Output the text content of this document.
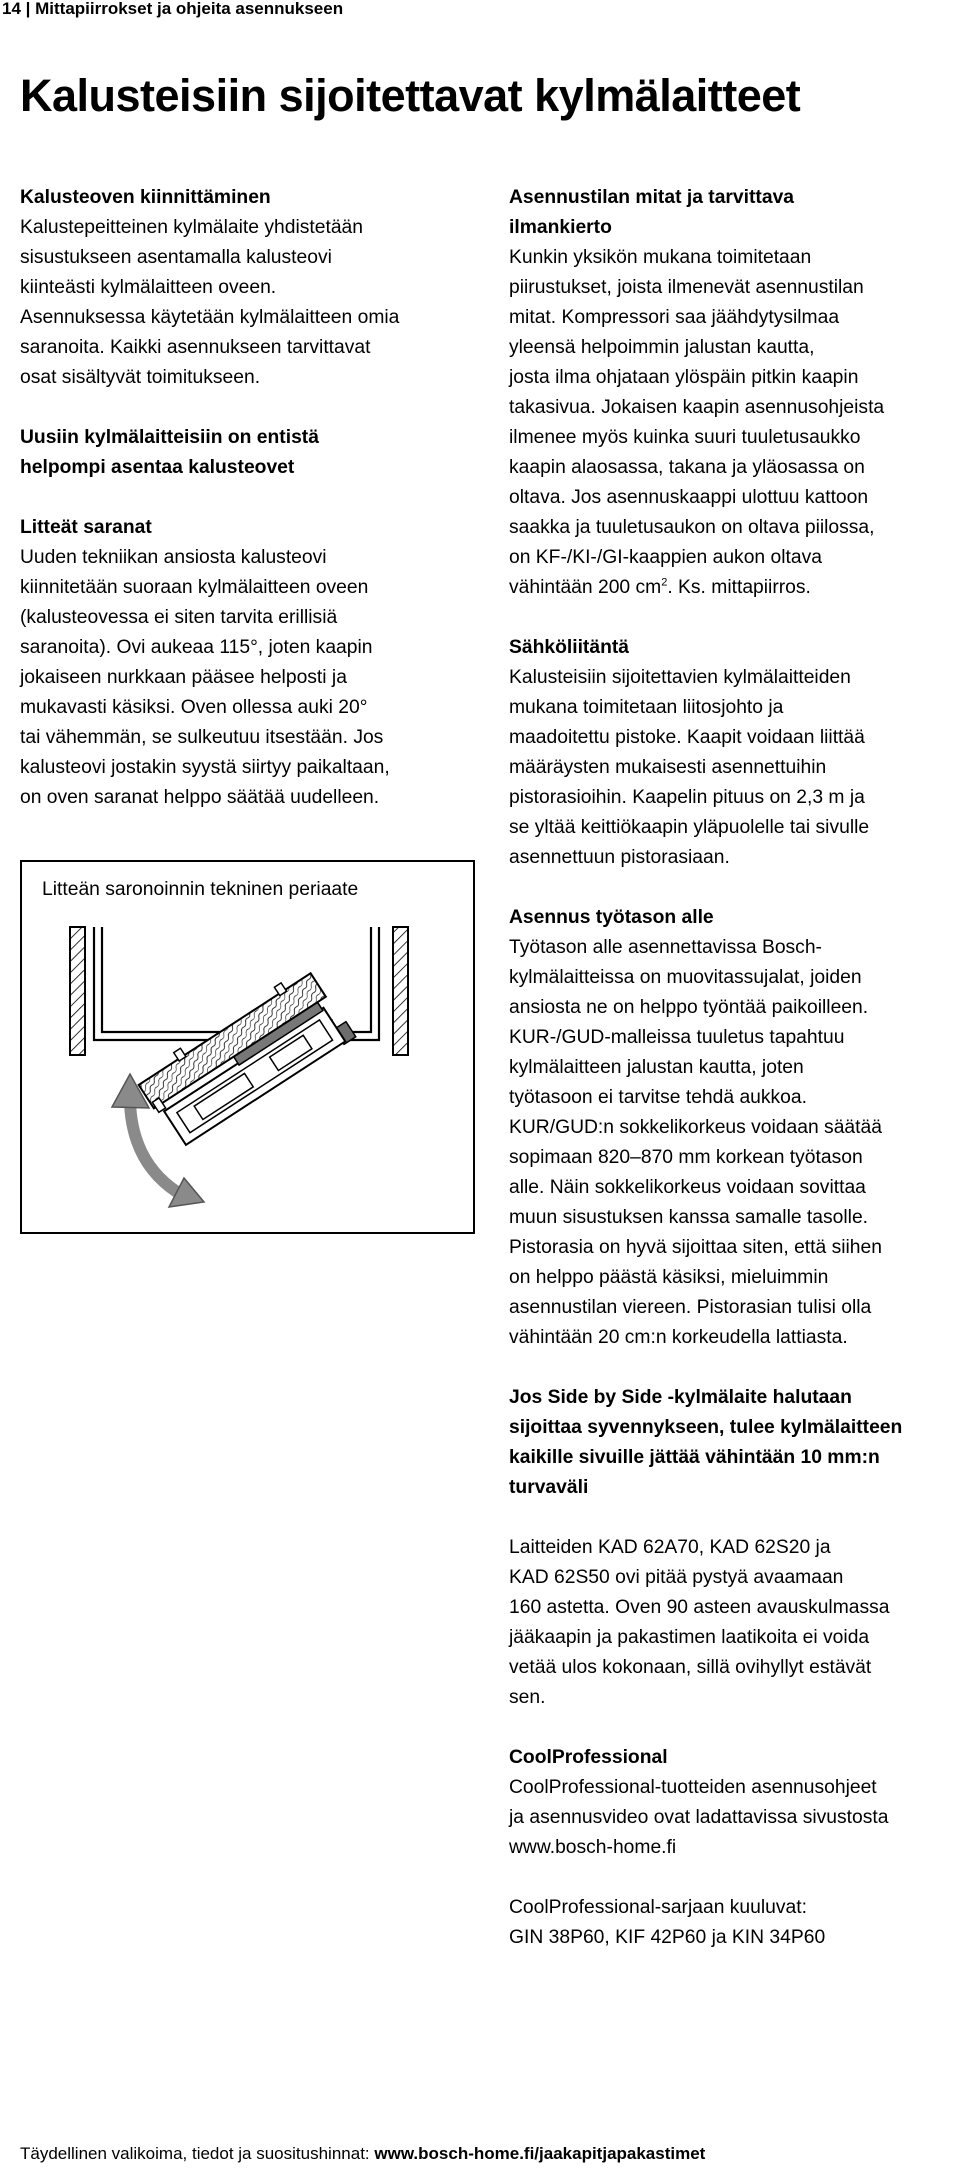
14 | Mittapiirrokset ja ohjeita asennukseen
Kalusteisiin sijoitettavat kylmälaitteet
Kalusteoven kiinnittäminen

Kalustepeitteinen kylmälaite yhdistetään

sisustukseen asentamalla kalusteovi

kiinteästi kylmälaitteen oveen.

Asennuksessa käytetään kylmälaitteen omia

saranoita. Kaikki asennukseen tarvittavat

osat sisältyvät toimitukseen.

Uusiin kylmälaitteisiin on entistä
helpompi asentaa kalusteovet
Litteät saranat

Uuden tekniikan ansiosta kalusteovi

kiinnitetään suoraan kylmälaitteen oveen

(kalusteovessa ei siten tarvita erillisiä

saranoita). Ovi aukeaa 115°, joten kaapin

jokaiseen nurkkaan pääsee helposti ja

mukavasti käsiksi. Oven ollessa auki 20°

tai vähemmän, se sulkeutuu itsestään. Jos

kalusteovi jostakin syystä siirtyy paikaltaan,

on oven saranat helppo säätää uudelleen.

Litteän saronoinnin tekninen periaate
Asennustilan mitat ja tarvittava
ilmankierto

Kunkin yksikön mukana toimitetaan

piirustukset, joista ilmenevät asennustilan

mitat. Kompressori saa jäähdytysilmaa

yleensä helpoimmin jalustan kautta,

josta ilma ohjataan ylöspäin pitkin kaapin

takasivua. Jokaisen kaapin asennusohjeista

ilmenee myös kuinka suuri tuuletusaukko

kaapin alaosassa, takana ja yläosassa on

oltava. Jos asennuskaappi ulottuu kattoon

saakka ja tuuletusaukon on oltava piilossa,

on KF-/KI-/GI-kaappien aukon oltava

vähintään 200 $cm^2$. Ks. mittapiirros.

Sähköliitäntä

Kalusteisiin sijoitettavien kylmälaitteiden

mukana toimitetaan liitosjohto ja

maadoitettu pistoke. Kaapit voidaan liittää

määräysten mukaisesti asennettuihin

pistorasioihin. Kaapelin pituus on 2,3 m ja

se yltää keittiökaapin yläpuolelle tai sivulle

asennettuun pistorasiaan.

Asennus työtason alle

Työtason alle asennettavissa Bosch-

kylmälaitteissa on muovitassujalat, joiden

ansiosta ne on helppo työntää paikoilleen.

KUR-/GUD-malleissa tuuletus tapahtuu

kylmälaitteen jalustan kautta, joten

työtasoon ei tarvitse tehdä aukkoa.

KUR/GUD:n sokkelikorkeus voidaan säätää

sopimaan 820–870 mm korkean työtason

alle. Näin sokkelikorkeus voidaan sovittaa

muun sisustuksen kanssa samalle tasolle.

Pistorasia on hyvä sijoittaa siten, että siihen

on helppo päästä käsiksi, mieluimmin

asennustilan viereen. Pistorasian tulisi olla

vähintään 20 cm:n korkeudella lattiasta.

Jos Side by Side -kylmälaite halutaan
sijoittaa syvennykseen, tulee kylmälaitteen
kaikille sivuille jättää vähintään 10 mm:n
turvaväli

Laitteiden KAD 62A70, KAD 62S20 ja

KAD 62S50 ovi pitää pystyä avaamaan

160 astetta. Oven 90 asteen avauskulmassa

jääkaapin ja pakastimen laatikoita ei voida

vetää ulos kokonaan, sillä ovihyllyt estävät

sen.

CoolProfessional

CoolProfessional-tuotteiden asennusohjeet

ja asennusvideo ovat ladattavissa sivustosta

www.bosch-home.fi

CoolProfessional-sarjaan kuuluvat:

GIN 38P60, KIF 42P60 ja KIN 34P60

Täydellinen valikoima, tiedot ja suositushinnat: www.bosch-home.fi/jaakapitjapakastimet
